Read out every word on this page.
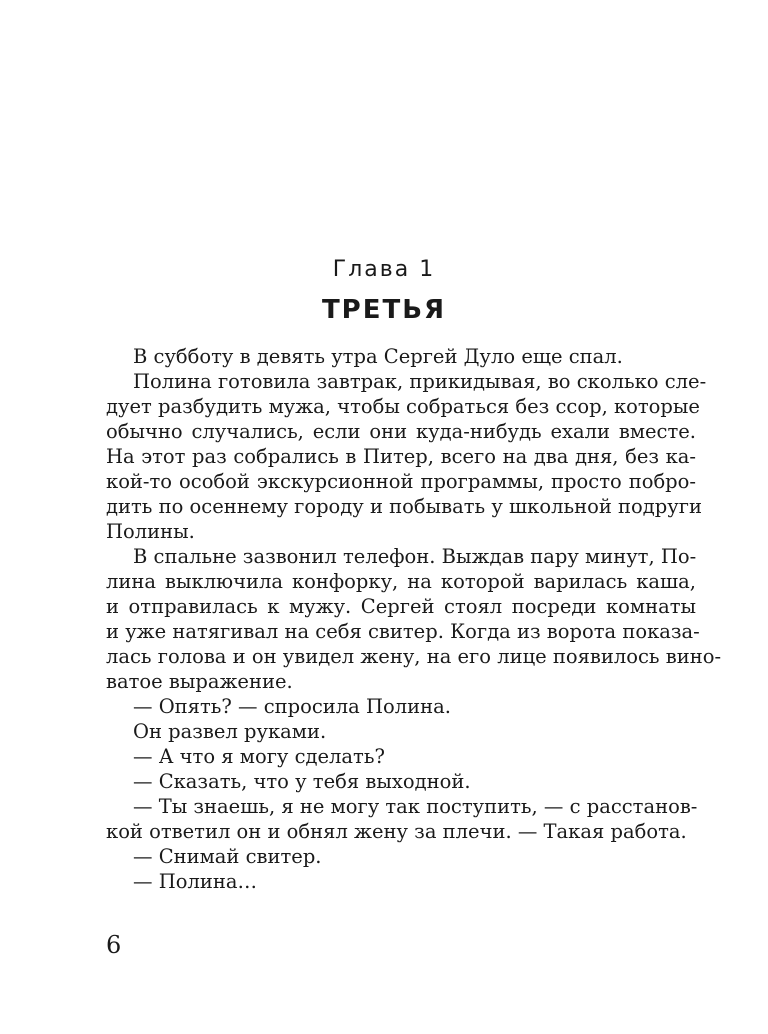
Глава 1
ТРЕТЬЯ
В субботу в девять утра Сергей Дуло еще спал.
Полина готовила завтрак, прикидывая, во сколько сле-
дует разбудить мужа, чтобы собраться без ссор, которые
обычно случались, если они куда-нибудь ехали вместе.
На этот раз собрались в Питер, всего на два дня, без ка-
кой-то особой экскурсионной программы, просто побро-
дить по осеннему городу и побывать у школьной подруги
Полины.
В спальне зазвонил телефон. Выждав пару минут, По-
лина выключила конфорку, на которой варилась каша,
и отправилась к мужу. Сергей стоял посреди комнаты
и уже натягивал на себя свитер. Когда из ворота показа-
лась голова и он увидел жену, на его лице появилось вино-
ватое выражение.
— Опять? — спросила Полина.
Он развел руками.
— А что я могу сделать?
— Сказать, что у тебя выходной.
— Ты знаешь, я не могу так поступить, — с расстанов-
кой ответил он и обнял жену за плечи. — Такая работа.
— Снимай свитер.
— Полина…
6
